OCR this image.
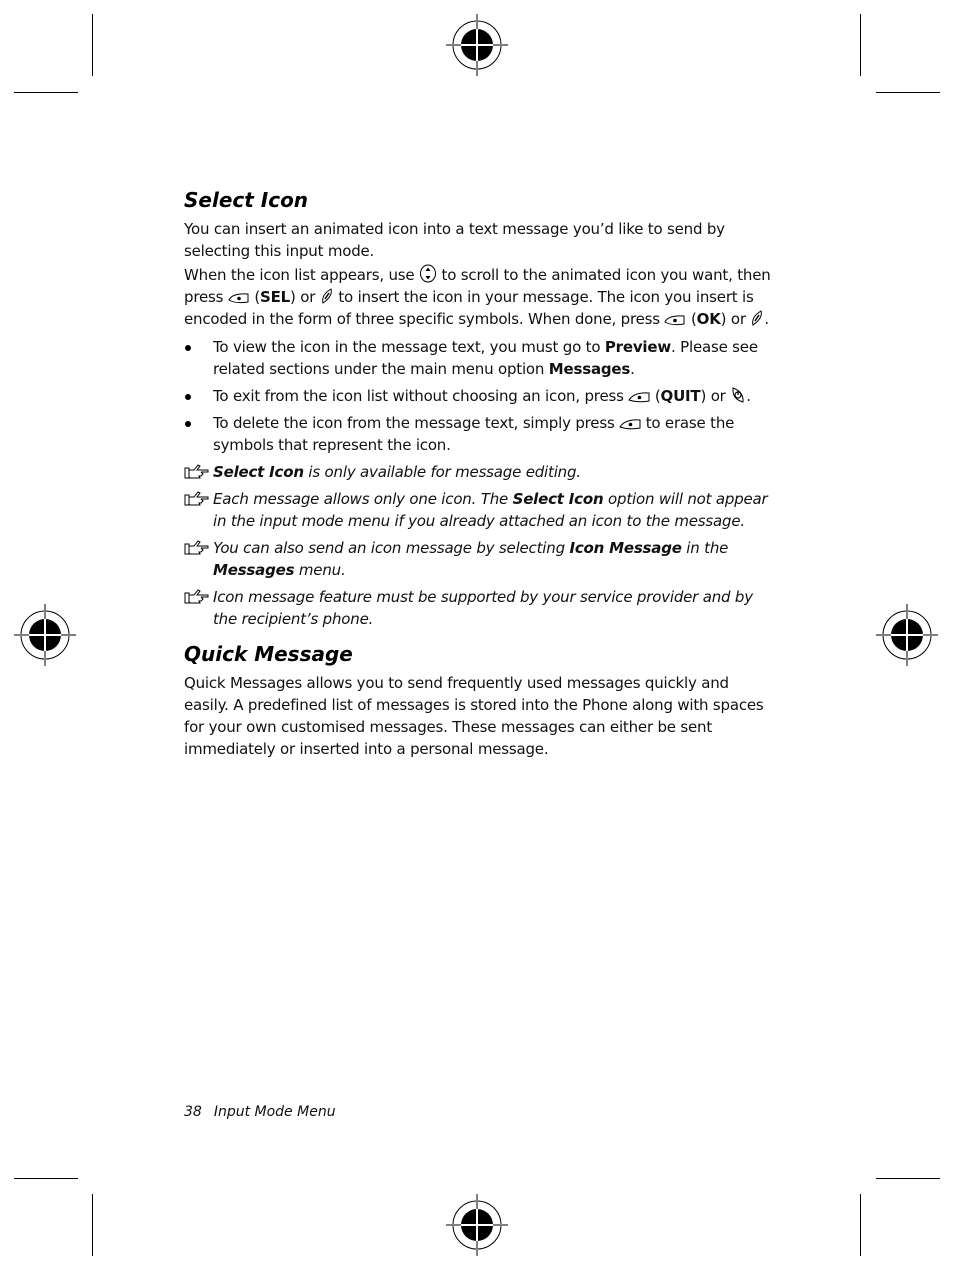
Select Icon

You can insert an animated icon into a text message you’d like to send by selecting this input mode.

When the icon list appears, use
to scroll to the animated icon you want, then press
(SEL) or
to insert the icon in your message. The icon you insert is encoded in the form of three specific symbols. When done, press
(OK) or
.

To view the icon in the message text, you must go to Preview. Please see related sections under the main menu option Messages.
To exit from the icon list without choosing an icon, press
(QUIT) or
.
To delete the icon from the message text, simply press
to erase the symbols that represent the icon.
Select Icon is only available for message editing.
Each message allows only one icon. The Select Icon option will not appear in the input mode menu if you already attached an icon to the message.
You can also send an icon message by selecting Icon Message in the Messages menu.
Icon message feature must be supported by your service provider and by the recipient’s phone.
Quick Message

Quick Messages allows you to send frequently used messages quickly and easily. A predefined list of messages is stored into the Phone along with spaces for your own customised messages. These messages can either be sent immediately or inserted into a personal message.

38 Input Mode Menu
